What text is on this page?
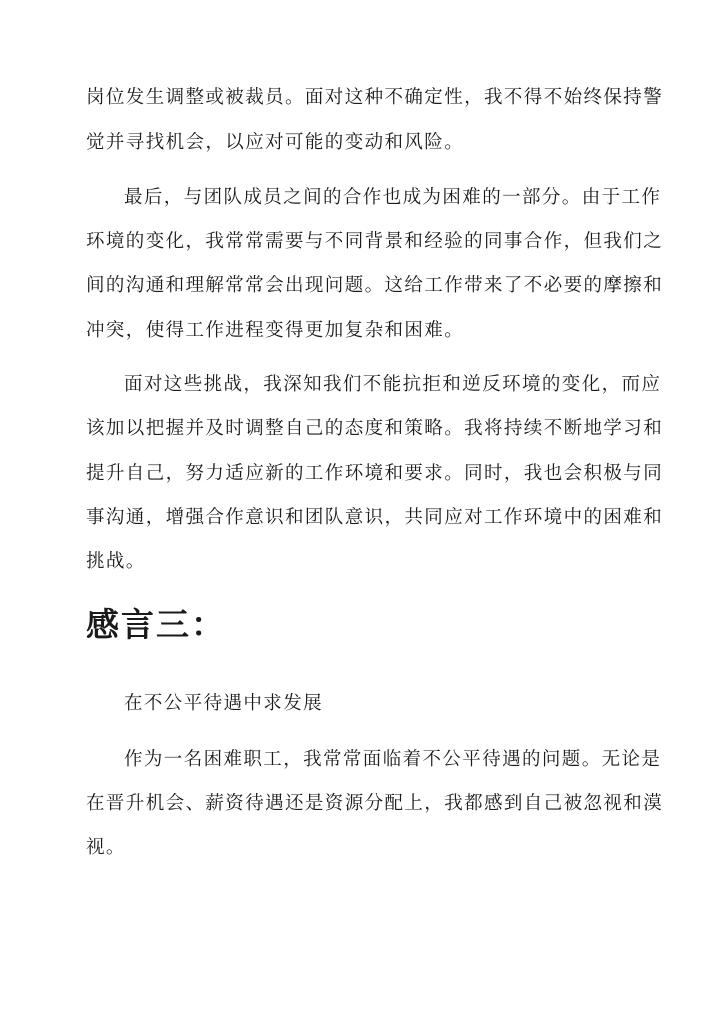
岗位发生调整或被裁员。面对这种不确定性，我不得不始终保持警
觉并寻找机会，以应对可能的变动和风险。
最后，与团队成员之间的合作也成为困难的一部分。由于工作
环境的变化，我常常需要与不同背景和经验的同事合作，但我们之
间的沟通和理解常常会出现问题。这给工作带来了不必要的摩擦和
冲突，使得工作进程变得更加复杂和困难。
面对这些挑战，我深知我们不能抗拒和逆反环境的变化，而应
该加以把握并及时调整自己的态度和策略。我将持续不断地学习和
提升自己，努力适应新的工作环境和要求。同时，我也会积极与同
事沟通，增强合作意识和团队意识，共同应对工作环境中的困难和
挑战。
感言三：
在不公平待遇中求发展
作为一名困难职工，我常常面临着不公平待遇的问题。无论是
在晋升机会、薪资待遇还是资源分配上，我都感到自己被忽视和漠
视。
